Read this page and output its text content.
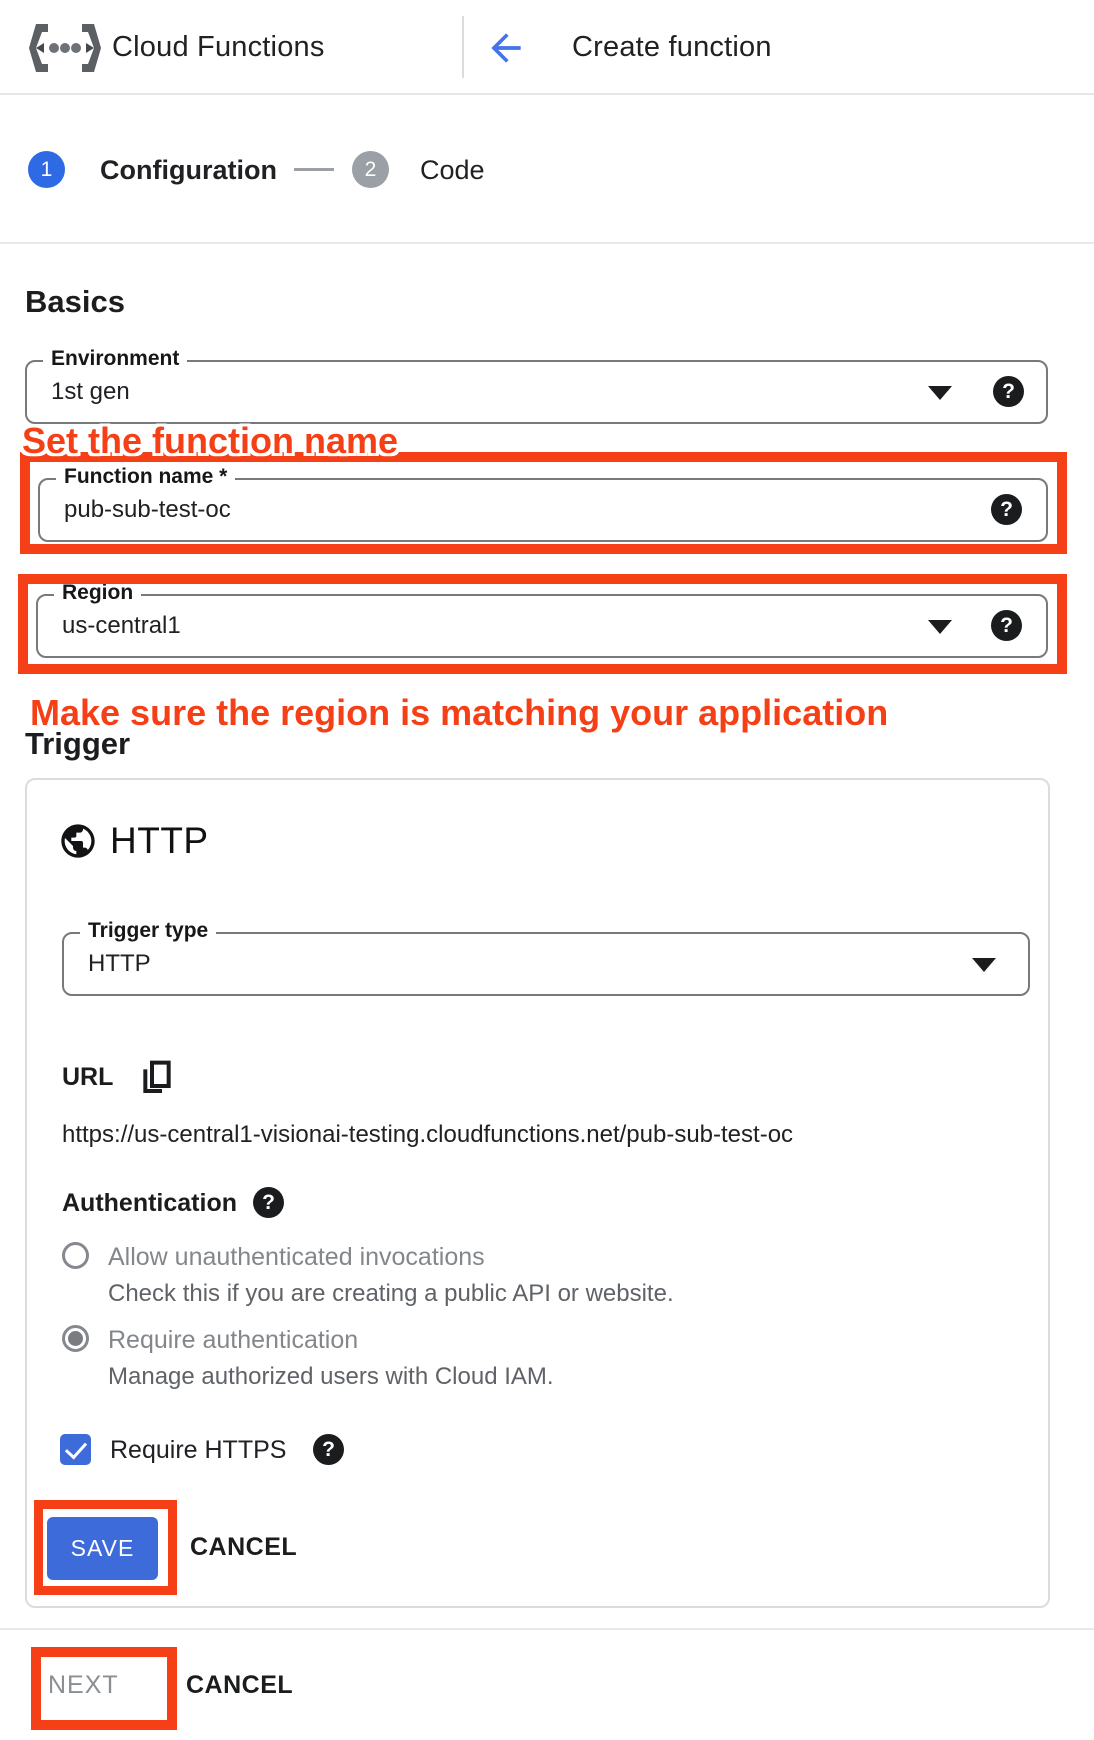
Cloud Functions	Create function
1	Configuration	2	Code
Basics
Environment
1st gen	?
Set the function name
Function name *
pub-sub-test-oc	?
Region
us-central1	?
Make sure the region is matching your application
Trigger
HTTP
Trigger type
HTTP
URL
https://us-central1-visionai-testing.cloudfunctions.net/pub-sub-test-oc
Authentication	?
Allow unauthenticated invocations
Check this if you are creating a public API or website.
Require authentication
Manage authorized users with Cloud IAM.
Require HTTPS	?
SAVE	CANCEL
NEXT	CANCEL
